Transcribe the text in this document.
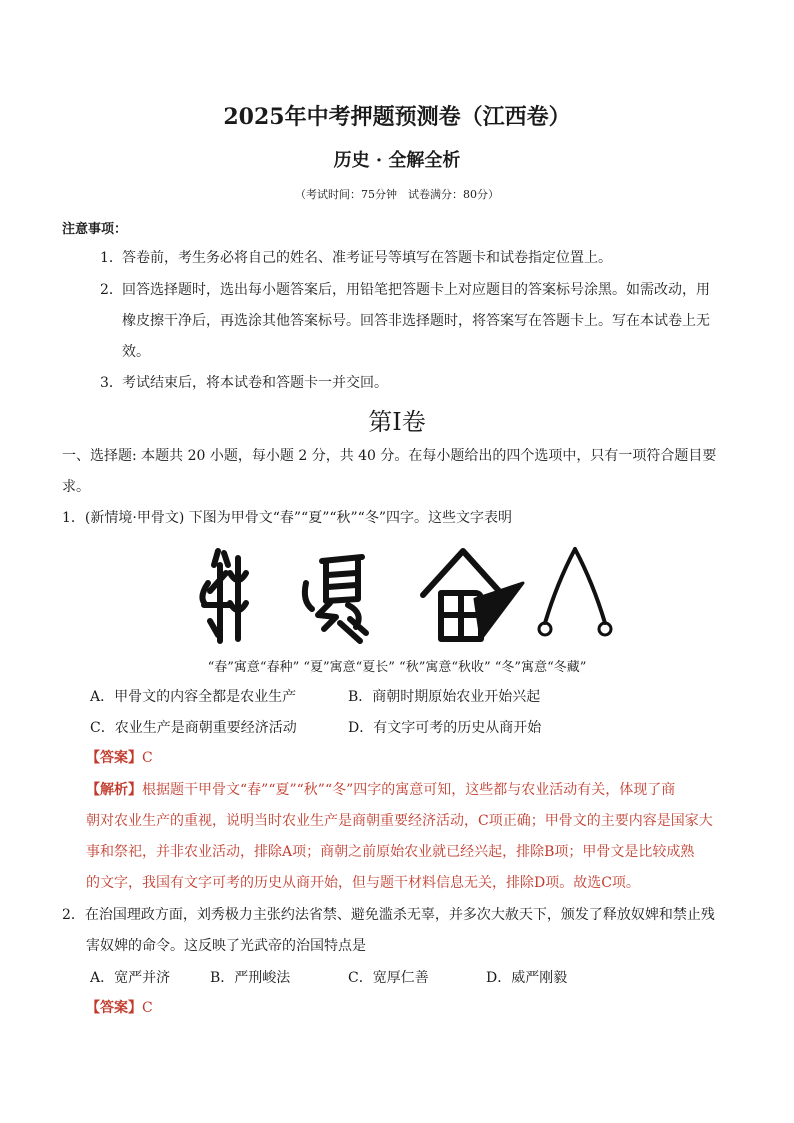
2025年中考押题预测卷（江西卷）
历史 · 全解全析
（考试时间：75分钟　试卷满分：80分）
注意事项：
1．答卷前，考生务必将自己的姓名、准考证号等填写在答题卡和试卷指定位置上。
2．回答选择题时，选出每小题答案后，用铅笔把答题卡上对应题目的答案标号涂黑。如需改动，用
橡皮擦干净后，再选涂其他答案标号。回答非选择题时，将答案写在答题卡上。写在本试卷上无
效。
3．考试结束后，将本试卷和答题卡一并交回。
第Ⅰ卷
一、选择题: 本题共 20 小题，每小题 2 分，共 40 分。在每小题给出的四个选项中，只有一项符合题目要
求。
1．(新情境·甲骨文) 下图为甲骨文“春”“夏”“秋”“冬”四字。这些文字表明
“春”寓意“春种” “夏”寓意“夏长” “秋”寓意“秋收” “冬”寓意“冬藏”
A．甲骨文的内容全都是农业生产	B．商朝时期原始农业开始兴起
C．农业生产是商朝重要经济活动	D．有文字可考的历史从商开始
【答案】C
【解析】根据题干甲骨文“春”“夏”“秋”“冬”四字的寓意可知，这些都与农业活动有关，体现了商
朝对农业生产的重视，说明当时农业生产是商朝重要经济活动，C项正确；甲骨文的主要内容是国家大
事和祭祀，并非农业活动，排除A项；商朝之前原始农业就已经兴起，排除B项；甲骨文是比较成熟
的文字，我国有文字可考的历史从商开始，但与题干材料信息无关，排除D项。故选C项。
2．在治国理政方面，刘秀极力主张约法省禁、避免滥杀无辜，并多次大赦天下，颁发了释放奴婢和禁止残
害奴婢的命令。这反映了光武帝的治国特点是
A．宽严并济	B．严刑峻法	C．宽厚仁善	D．威严刚毅
【答案】C
